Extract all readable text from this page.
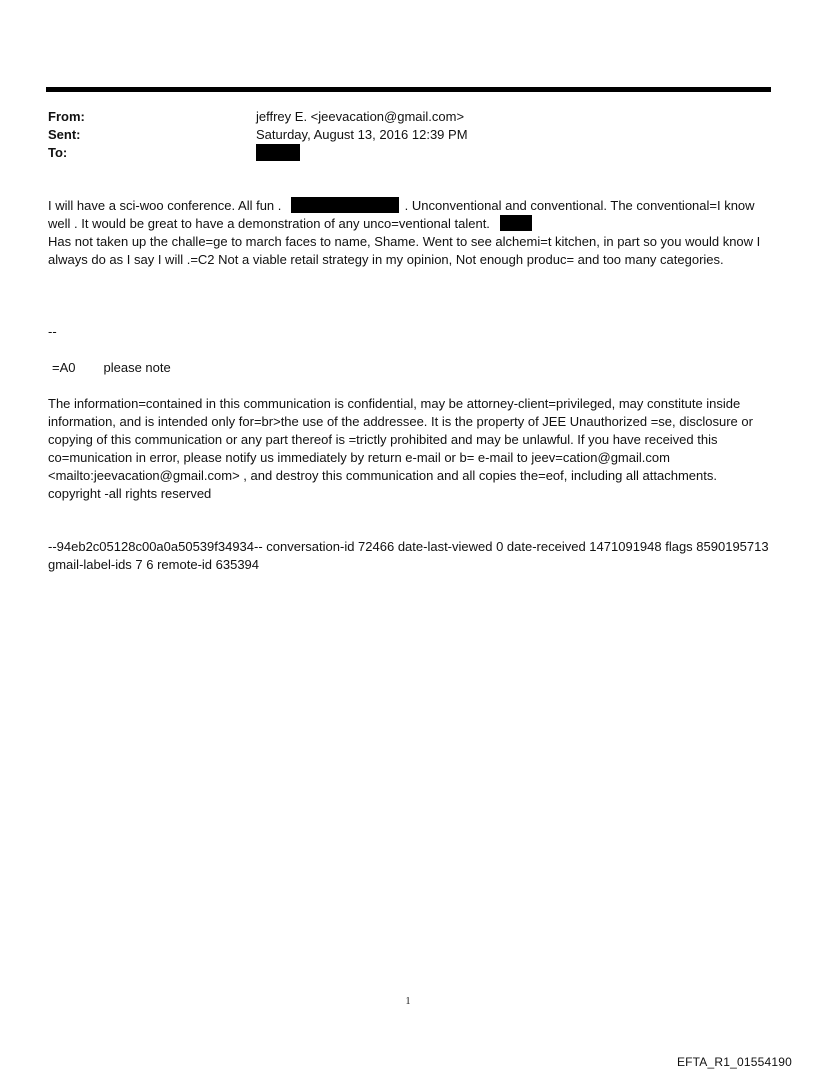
From:	jeffrey E. <jeevacation@gmail.com>
Sent:	Saturday, August 13, 2016 12:39 PM
To:

I will have a sci-woo conference. All fun .	. Unconventional and conventional. The conventional=I know well . It would be great to have a demonstration of any unco=ventional talent.

Has not taken up the challe=ge to march faces to name, Shame. Went to see alchemi=t kitchen, in part so you would know I always do as I say I will .=C2 Not a viable retail strategy in my opinion, Not enough produc= and too many categories.

--

=A0 please note

The information=contained in this communication is confidential, may be attorney-client=privileged, may constitute inside information, and is intended only for=br>the use of the addressee. It is the property of JEE Unauthorized =se, disclosure or copying of this communication or any part thereof is =trictly prohibited and may be unlawful. If you have received this co=munication in error, please notify us immediately by return e-mail or b= e-mail to jeev=cation@gmail.com <mailto:jeevacation@gmail.com> , and destroy this communication and all copies the=eof, including all attachments. copyright -all rights reserved

--94eb2c05128c00a0a50539f34934-- conversation-id 72466 date-last-viewed 0 date-received 1471091948 flags 8590195713 gmail-label-ids 7 6 remote-id 635394

1
EFTA_R1_01554190
